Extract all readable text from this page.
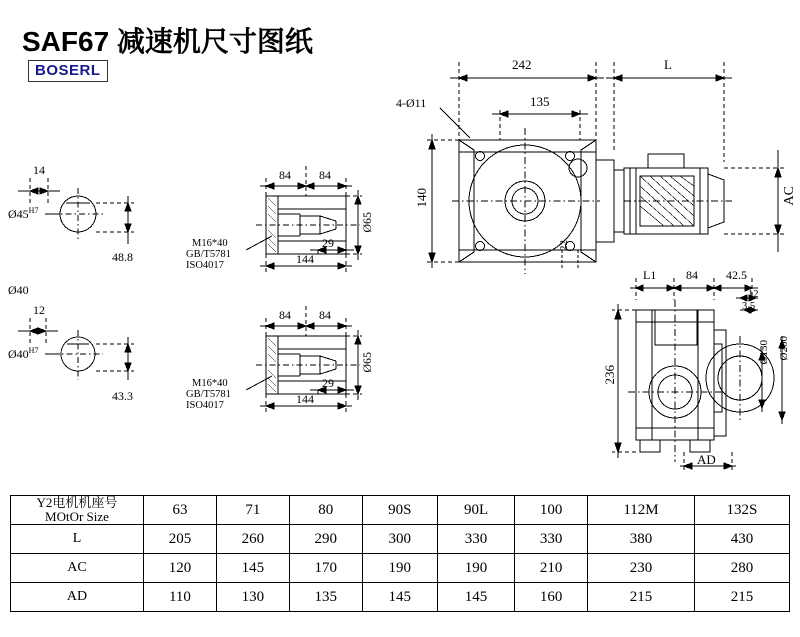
SAF67 减速机尺寸图纸
BOSERL
14
$Ø45^{H7}$
48.8
Ø40
12
$Ø40^{H7}$
43.3
84 84
29
144
Ø65
M16*40
GB/T5781
ISO4017
84 84
29
144
Ø65
M16*40
GB/T5781
ISO4017
242	L
135
4-Ø11
140
22
AC
L1 84 42.5
12
3.5
236
Ø130 Ø200
AD
Y2电机机座号
MOtOr Size	63	71	80	90S	90L	100	112M	132S
L	205	260	290	300	330	330	380	430
AC	120	145	170	190	190	210	230	280
AD	110	130	135	145	145	160	215	215
